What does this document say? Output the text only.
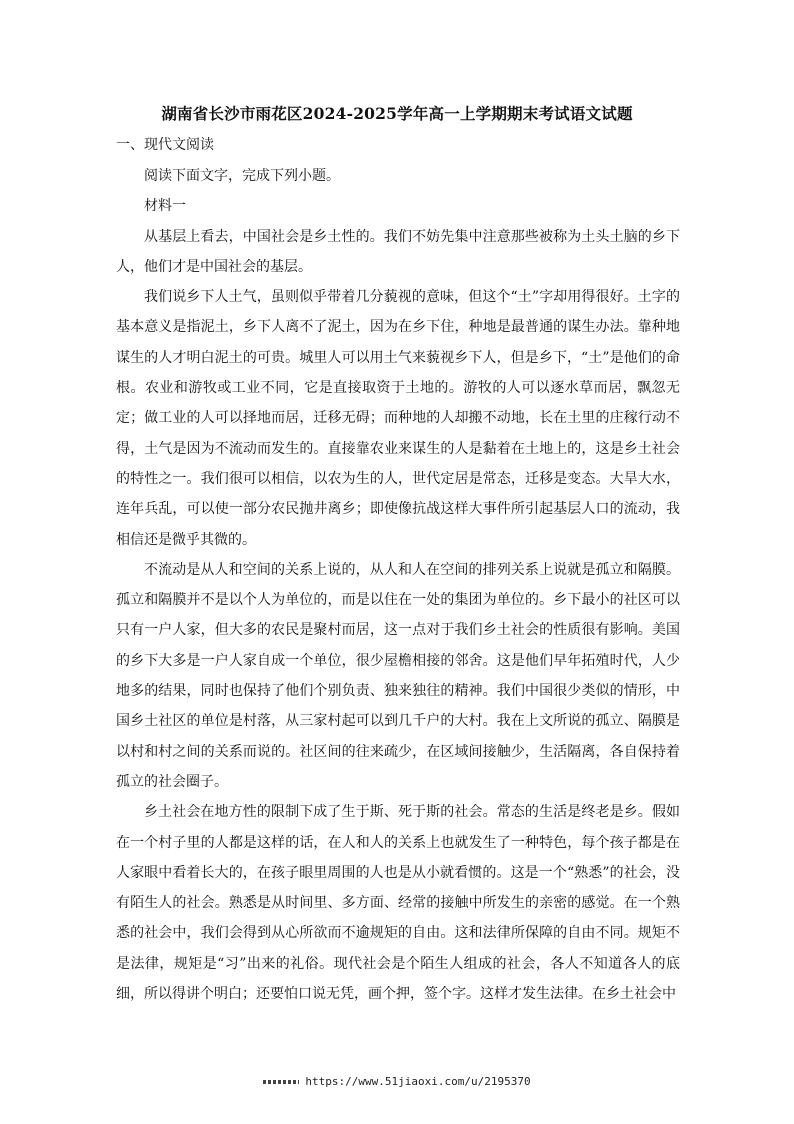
湖南省长沙市雨花区2024-2025学年高一上学期期末考试语文试题
一、现代文阅读

阅读下面文字，完成下列小题。

材料一

从基层上看去，中国社会是乡土性的。我们不妨先集中注意那些被称为土头土脑的乡下人，他们才是中国社会的基层。

我们说乡下人土气，虽则似乎带着几分藐视的意味，但这个“土”字却用得很好。土字的基本意义是指泥土，乡下人离不了泥土，因为在乡下住，种地是最普通的谋生办法。靠种地谋生的人才明白泥土的可贵。城里人可以用土气来藐视乡下人，但是乡下，“土”是他们的命根。农业和游牧或工业不同，它是直接取资于土地的。游牧的人可以逐水草而居，飘忽无定；做工业的人可以择地而居，迁移无碍；而种地的人却搬不动地，长在土里的庄稼行动不得，土气是因为不流动而发生的。直接靠农业来谋生的人是黏着在土地上的，这是乡土社会的特性之一。我们很可以相信，以农为生的人，世代定居是常态，迁移是变态。大旱大水，连年兵乱，可以使一部分农民抛井离乡；即使像抗战这样大事件所引起基层人口的流动，我相信还是微乎其微的。

不流动是从人和空间的关系上说的，从人和人在空间的排列关系上说就是孤立和隔膜。孤立和隔膜并不是以个人为单位的，而是以住在一处的集团为单位的。乡下最小的社区可以只有一户人家，但大多的农民是聚村而居，这一点对于我们乡土社会的性质很有影响。美国的乡下大多是一户人家自成一个单位，很少屋檐相接的邻舍。这是他们早年拓殖时代，人少地多的结果，同时也保持了他们个别负责、独来独往的精神。我们中国很少类似的情形，中国乡土社区的单位是村落，从三家村起可以到几千户的大村。我在上文所说的孤立、隔膜是以村和村之间的关系而说的。社区间的往来疏少，在区域间接触少，生活隔离，各自保持着孤立的社会圈子。

乡土社会在地方性的限制下成了生于斯、死于斯的社会。常态的生活是终老是乡。假如在一个村子里的人都是这样的话，在人和人的关系上也就发生了一种特色，每个孩子都是在人家眼中看着长大的，在孩子眼里周围的人也是从小就看惯的。这是一个“熟悉”的社会，没有陌生人的社会。熟悉是从时间里、多方面、经常的接触中所发生的亲密的感觉。在一个熟悉的社会中，我们会得到从心所欲而不逾规矩的自由。这和法律所保障的自由不同。规矩不是法律，规矩是“习”出来的礼俗。现代社会是个陌生人组成的社会，各人不知道各人的底细，所以得讲个明白；还要怕口说无凭，画个押，签个字。这样才发生法律。在乡土社会中

https://www.51jiaoxi.com/u/2195370
